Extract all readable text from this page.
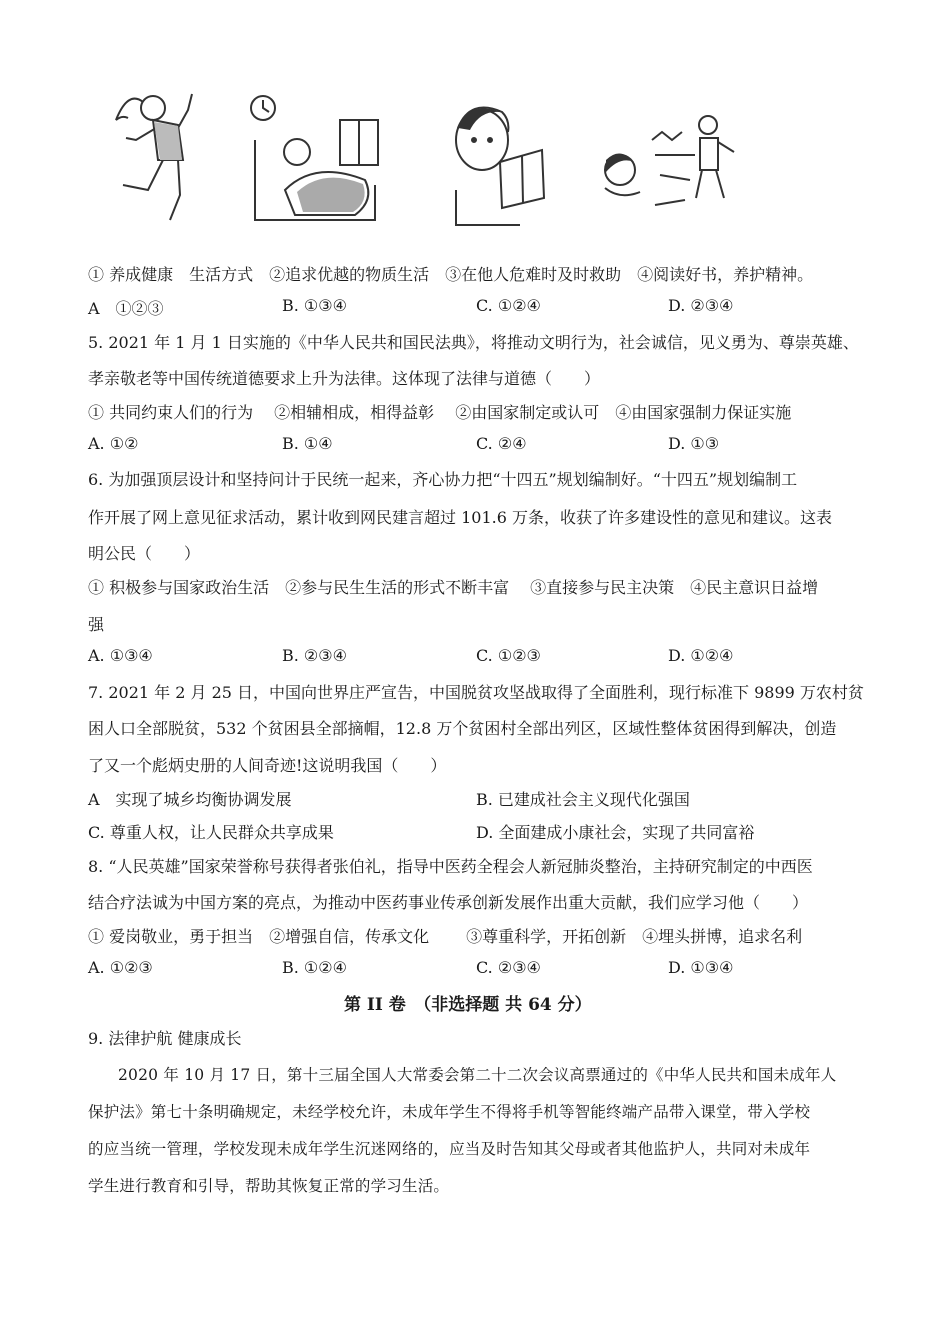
① 养成健康　生活方式　②追求优越的物质生活　③在他人危难时及时救助　④阅读好书，养护精神。
A　①②③	B. ①③④	C. ①②④	D. ②③④
5. 2021 年 1 月 1 日实施的《中华人民共和国民法典》，将推动文明行为，社会诚信，见义勇为、尊崇英雄、
孝亲敬老等中国传统道德要求上升为法律。这体现了法律与道德（　　）
① 共同约束人们的行为　 ②相辅相成，相得益彰　 ②由国家制定或认可　④由国家强制力保证实施
A. ①②	B. ①④	C. ②④	D. ①③
6. 为加强顶层设计和坚持问计于民统一起来，齐心协力把“十四五”规划编制好。“十四五”规划编制工
作开展了网上意见征求活动，累计收到网民建言超过 101.6 万条，收获了许多建设性的意见和建议。这表
明公民（　　）
① 积极参与国家政治生活　②参与民生生活的形式不断丰富　 ③直接参与民主决策　④民主意识日益增
强
A. ①③④	B. ②③④	C. ①②③	D. ①②④
7. 2021 年 2 月 25 日，中国向世界庄严宣告，中国脱贫攻坚战取得了全面胜利，现行标准下 9899 万农村贫
困人口全部脱贫，532 个贫困县全部摘帽，12.8 万个贫困村全部出列区，区域性整体贫困得到解决，创造
了又一个彪炳史册的人间奇迹!这说明我国（　　）
A　实现了城乡均衡协调发展	B. 已建成社会主义现代化强国
C. 尊重人权，让人民群众共享成果	D. 全面建成小康社会，实现了共同富裕
8. “人民英雄”国家荣誉称号获得者张伯礼，指导中医药全程会人新冠肺炎整治，主持研究制定的中西医
结合疗法诚为中国方案的亮点，为推动中医药事业传承创新发展作出重大贡献，我们应学习他（　　）
① 爱岗敬业，勇于担当　②增强自信，传承文化　　 ③尊重科学，开拓创新　④埋头拼博，追求名利
A. ①②③	B. ①②④	C. ②③④	D. ①③④
第 II 卷　（非选择题 共 64 分）
9. 法律护航 健康成长
2020 年 10 月 17 日，第十三届全国人大常委会第二十二次会议高票通过的《中华人民共和国未成年人
保护法》第七十条明确规定，未经学校允许，未成年学生不得将手机等智能终端产品带入课堂，带入学校
的应当统一管理，学校发现未成年学生沉迷网络的，应当及时告知其父母或者其他监护人，共同对未成年
学生进行教育和引导，帮助其恢复正常的学习生活。
